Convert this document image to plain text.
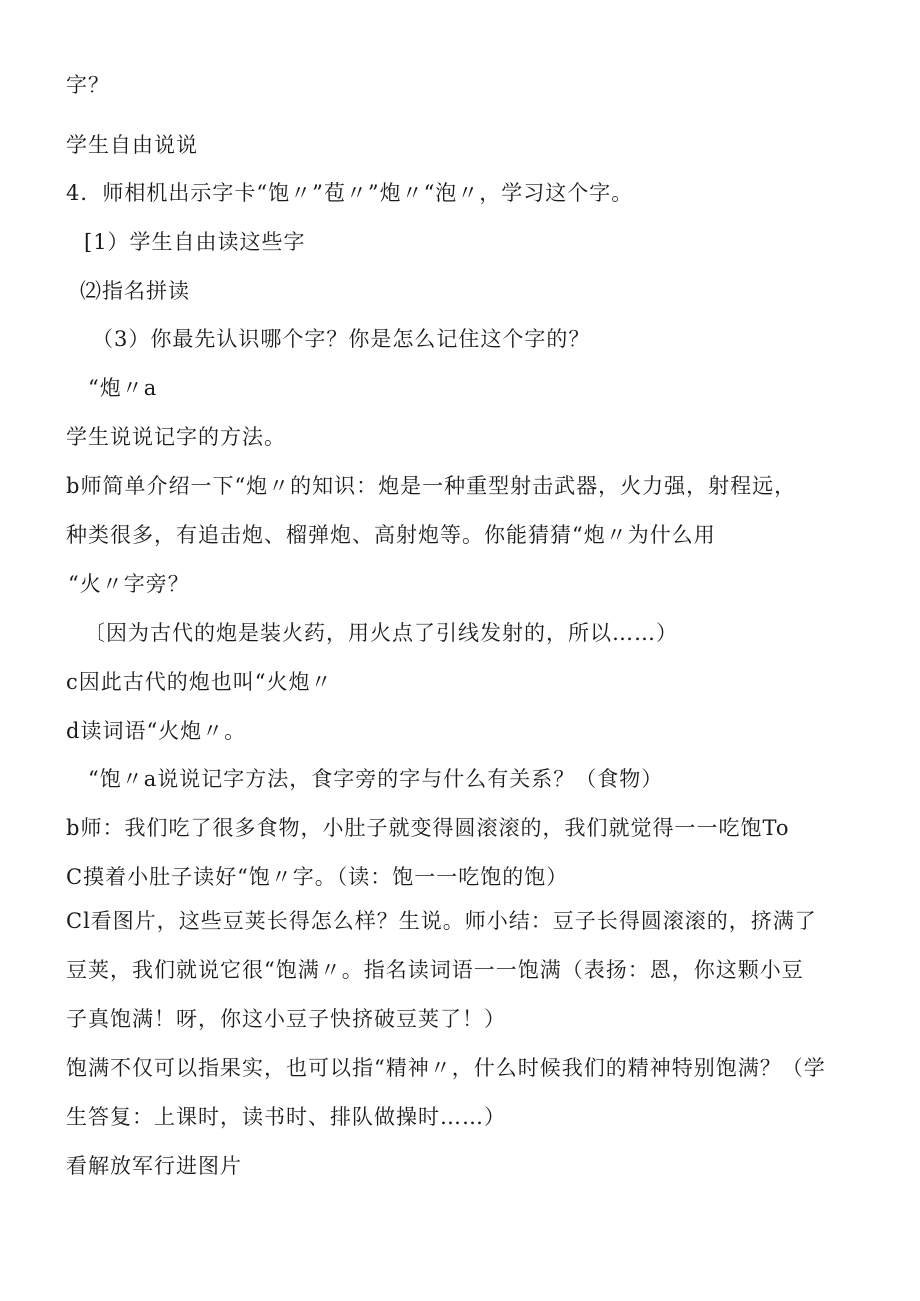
字？
学生自由说说
4．师相机出示字卡“饱〃”苞〃”炮〃“泡〃，学习这个字。
[1）学生自由读这些字
⑵指名拼读
（3）你最先认识哪个字？你是怎么记住这个字的？
“炮〃a
学生说说记字的方法。
b师简单介绍一下“炮〃的知识：炮是一种重型射击武器，火力强，射程远，
种类很多，有追击炮、榴弹炮、高射炮等。你能猜猜“炮〃为什么用
“火〃字旁？
〔因为古代的炮是装火药，用火点了引线发射的，所以……）
c因此古代的炮也叫“火炮〃
d读词语“火炮〃。
“饱〃a说说记字方法，食字旁的字与什么有关系？（食物）
b师：我们吃了很多食物，小肚子就变得圆滚滚的，我们就觉得一一吃饱To
C摸着小肚子读好“饱〃字。（读：饱一一吃饱的饱）
Cl看图片，这些豆荚长得怎么样？生说。师小结：豆子长得圆滚滚的，挤满了
豆荚，我们就说它很“饱满〃。指名读词语一一饱满（表扬：恩，你这颗小豆
子真饱满！呀，你这小豆子快挤破豆荚了！）
饱满不仅可以指果实，也可以指“精神〃，什么时候我们的精神特别饱满？（学
生答复：上课时，读书时、排队做操时……）
看解放军行进图片
